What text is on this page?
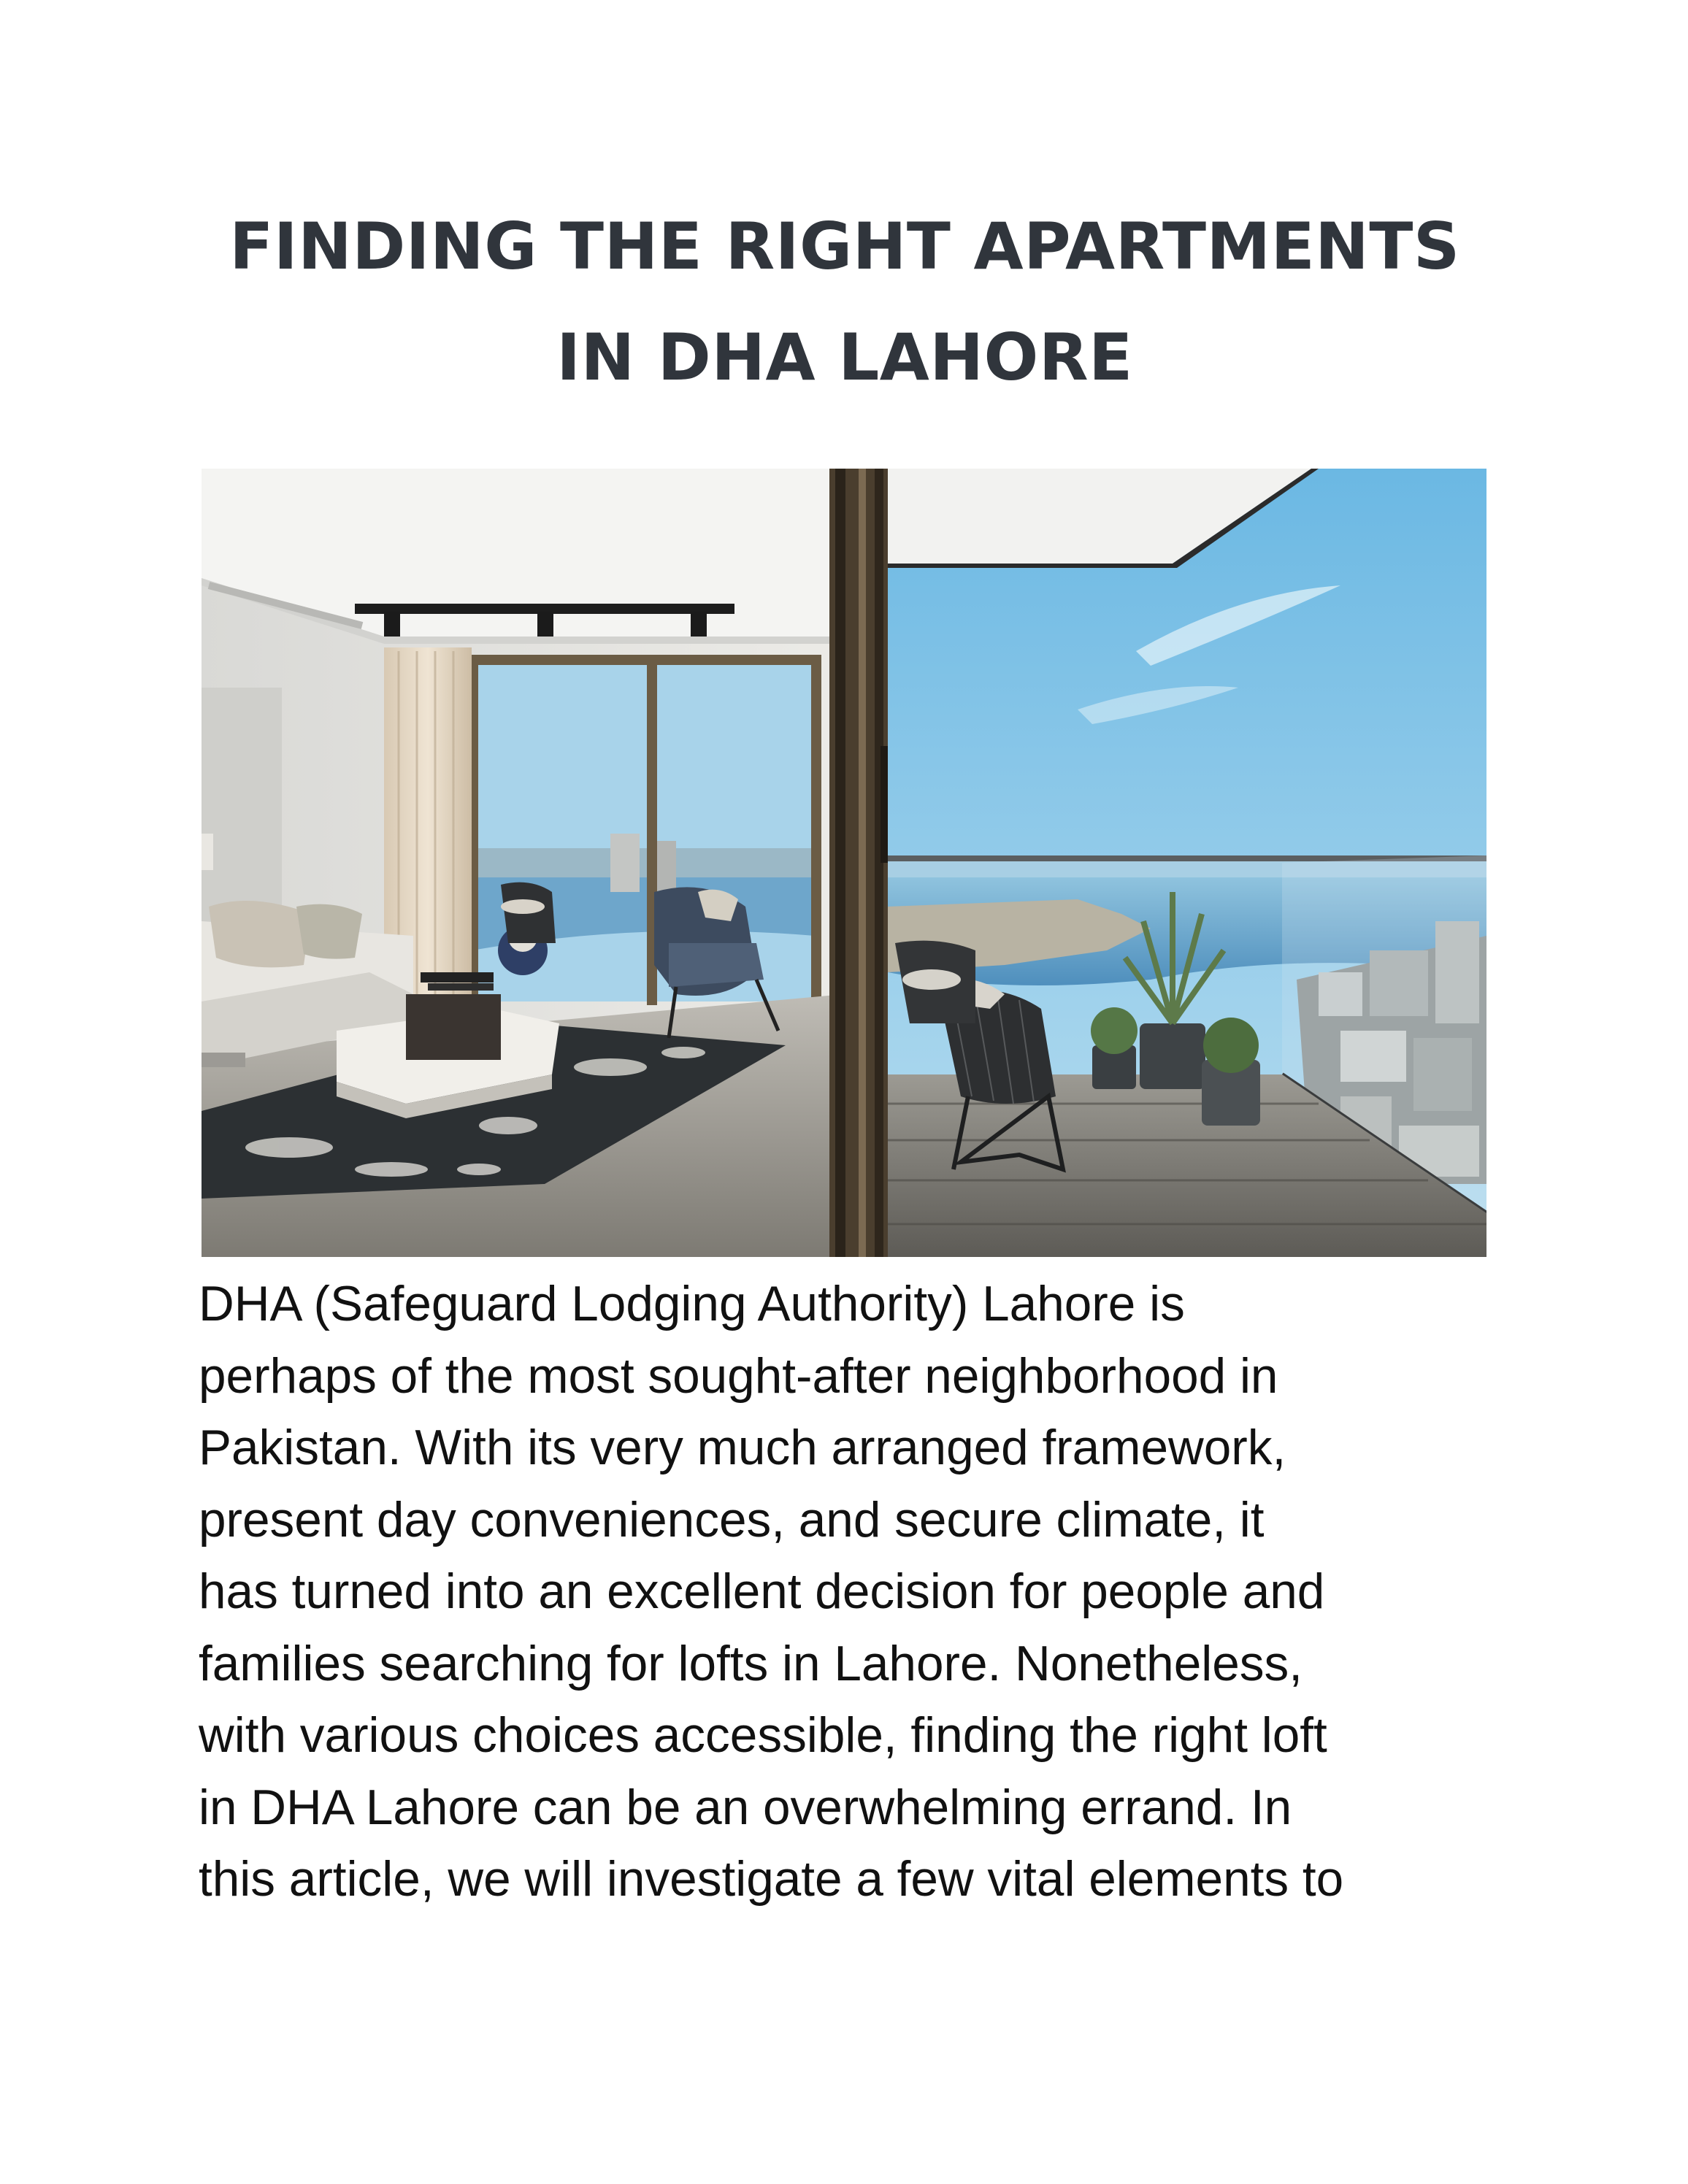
FINDING THE RIGHT APARTMENTS
IN DHA LAHORE

DHA (Safeguard Lodging Authority) Lahore is
perhaps of the most sought-after neighborhood in
Pakistan. With its very much arranged framework,
present day conveniences, and secure climate, it
has turned into an excellent decision for people and
families searching for lofts in Lahore. Nonetheless,
with various choices accessible, finding the right loft
in DHA Lahore can be an overwhelming errand. In
this article, we will investigate a few vital elements to
